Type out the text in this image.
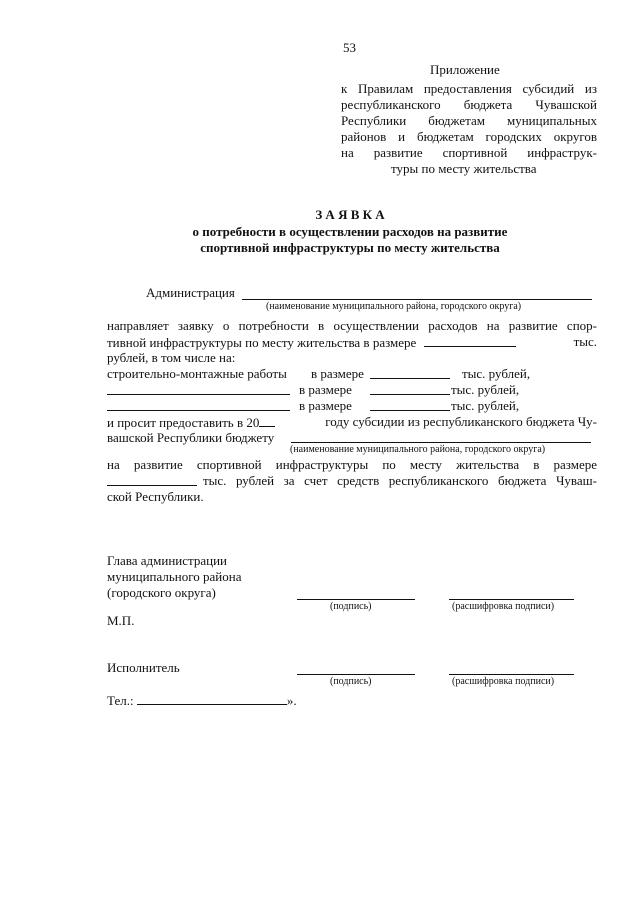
53
Приложение
к Правилам предоставления субсидий из
республиканского бюджета Чувашской
Республики бюджетам муниципальных
районов и бюджетам городских округов
на развитие спортивной инфраструк-
туры по месту жительства
З А Я В К А
о потребности в осуществлении расходов на развитие
спортивной инфраструктуры по месту жительства
Администрация
(наименование муниципального района, городского округа)
направляет заявку о потребности в осуществлении расходов на развитие спор-
тивной инфраструктуры по месту жительства в размере	тыс.
рублей, в том числе на:
строительно-монтажные работы в размере	тыс. рублей,
в размере	тыс. рублей,
в размере	тыс. рублей,
и просит предоставить в 20	году субсидии из республиканского бюджета Чу-
вашской Республики бюджету
(наименование муниципального района, городского округа)
на развитие спортивной инфраструктуры по месту жительства в размере
тыс. рублей за счет средств республиканского бюджета Чуваш-
ской Республики.
Глава администрации
муниципального района
(городского округа)
(подпись)	(расшифровка подписи)
М.П.
Исполнитель
(подпись)	(расшифровка подписи)
Тел.:	».
